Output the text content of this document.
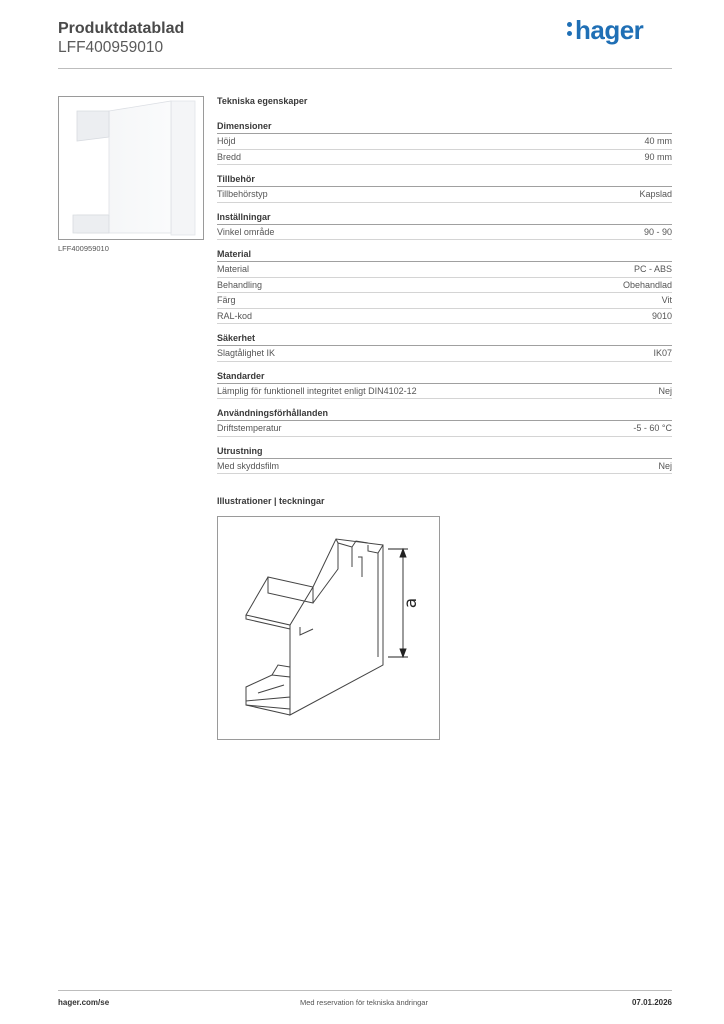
Produktdatablad
LFF400959010
hager
LFF400959010
Tekniska egenskaper
Dimensioner
Höjd	40 mm
Bredd	90 mm
Tillbehör
Tillbehörstyp	Kapslad
Inställningar
Vinkel område	90 - 90
Material
Material	PC - ABS
Behandling	Obehandlad
Färg	Vit
RAL-kod	9010
Säkerhet
Slagtålighet IK	IK07
Standarder
Lämplig för funktionell integritet enligt DIN4102-12	Nej
Användningsförhållanden
Driftstemperatur	-5 - 60 °C
Utrustning
Med skyddsfilm	Nej
Illustrationer | teckningar
a
hager.com/se	Med reservation för tekniska ändringar	07.01.2026
